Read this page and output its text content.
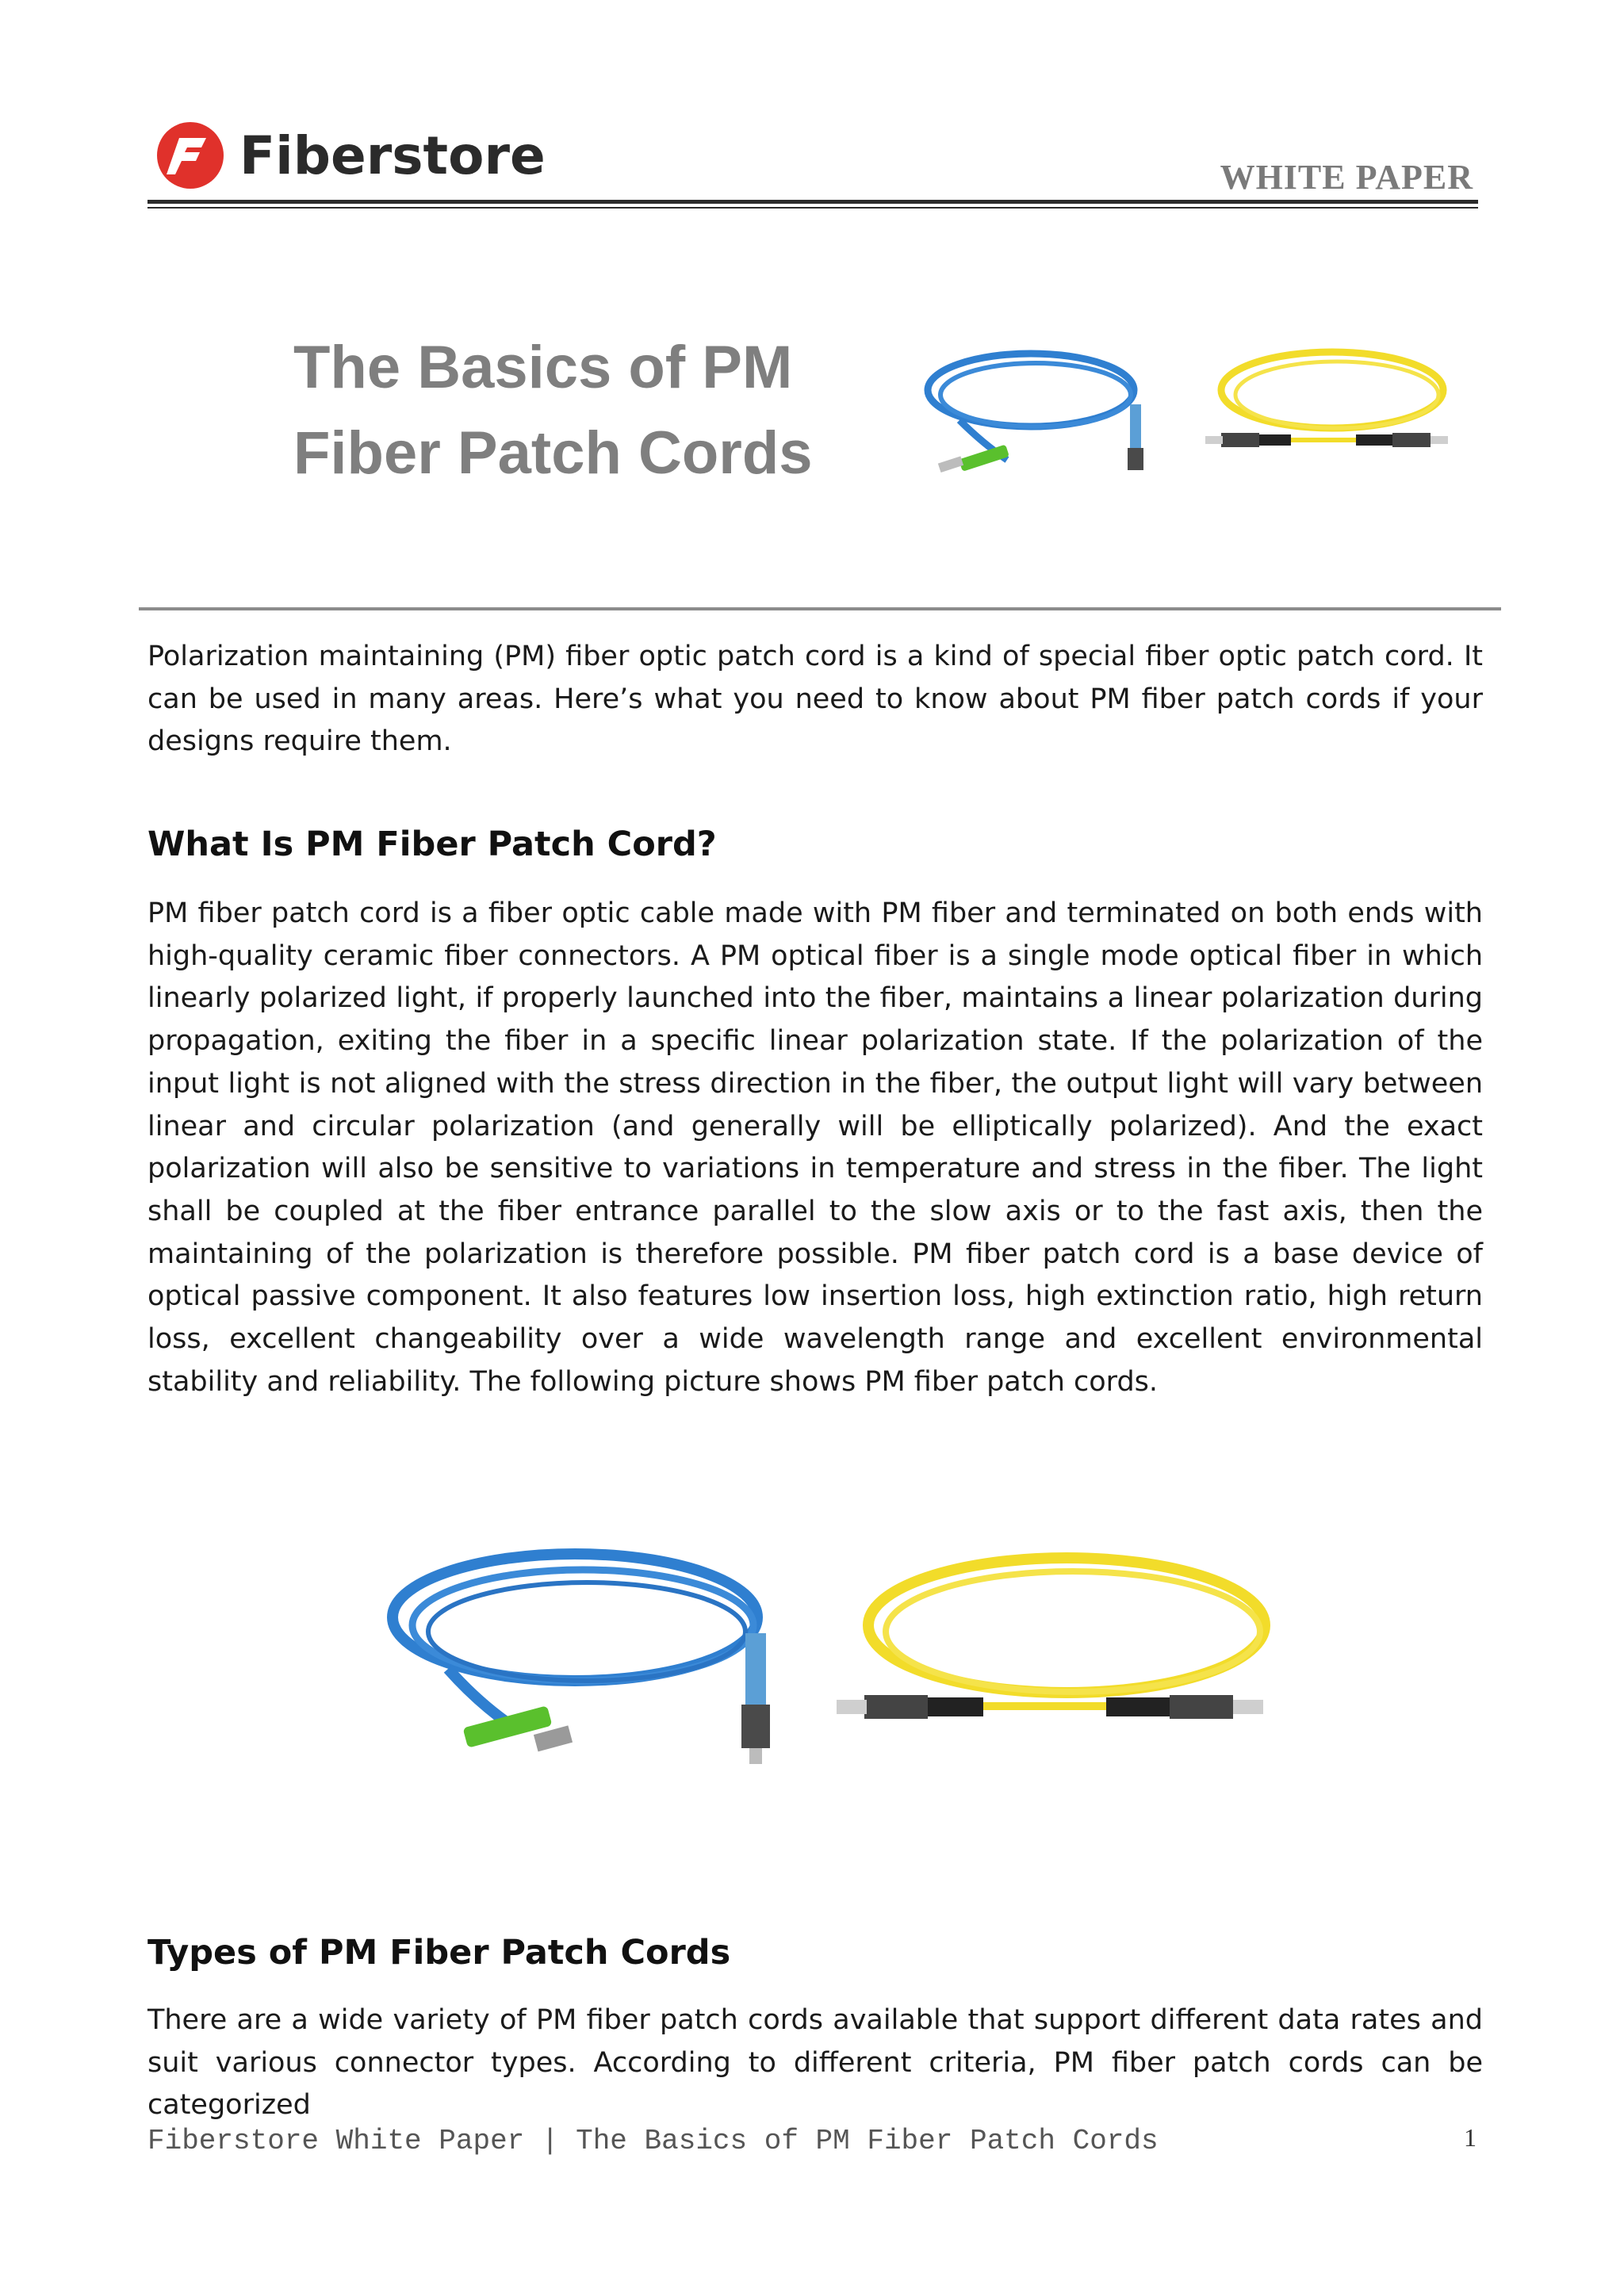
Fiberstore	WHITE PAPER
The Basics of PM
Fiber Patch Cords

Polarization maintaining (PM) fiber optic patch cord is a kind of special fiber optic patch cord. It can be used in many areas. Here’s what you need to know about PM fiber patch cords if your designs require them.

What Is PM Fiber Patch Cord?

PM fiber patch cord is a fiber optic cable made with PM fiber and terminated on both ends with high-quality ceramic fiber connectors. A PM optical fiber is a single mode optical fiber in which linearly polarized light, if properly launched into the fiber, maintains a linear polarization during propagation, exiting the fiber in a specific linear polarization state. If the polarization of the input light is not aligned with the stress direction in the fiber, the output light will vary between linear and circular polarization (and generally will be elliptically polarized). And the exact polarization will also be sensitive to variations in temperature and stress in the fiber. The light shall be coupled at the fiber entrance parallel to the slow axis or to the fast axis, then the maintaining of the polarization is therefore possible. PM fiber patch cord is a base device of optical passive component. It also features low insertion loss, high extinction ratio, high return loss, excellent changeability over a wide wavelength range and excellent environmental stability and reliability. The following picture shows PM fiber patch cords.

Types of PM Fiber Patch Cords

There are a wide variety of PM fiber patch cords available that support different data rates and suit various connector types. According to different criteria, PM fiber patch cords can be categorized

Fiberstore White Paper | The Basics of PM Fiber Patch Cords	1
